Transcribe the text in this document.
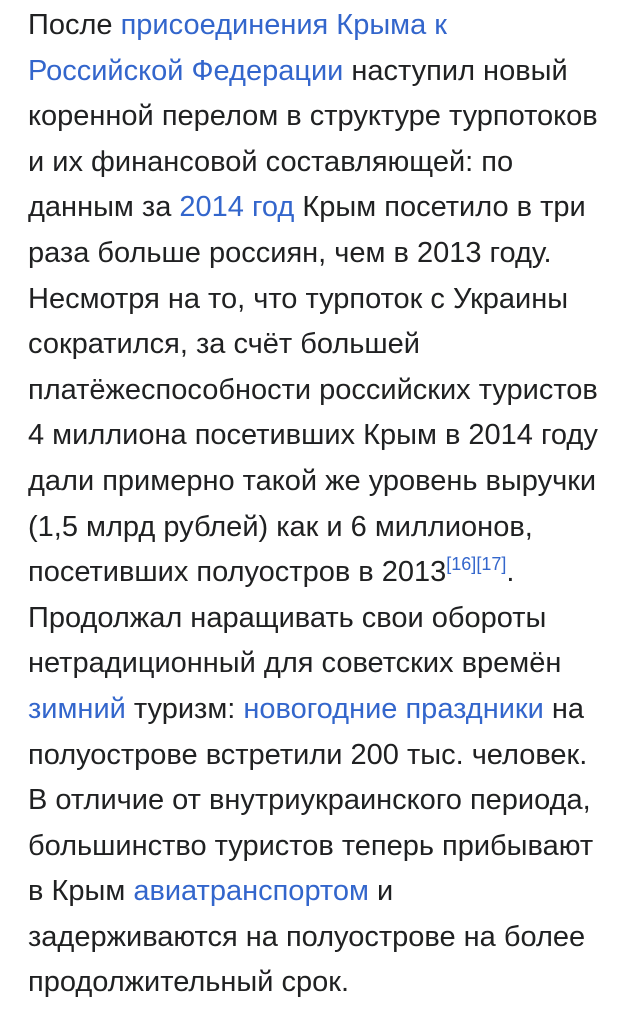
После присоединения Крыма к
Российской Федерации наступил новый
коренной перелом в структуре турпотоков
и их финансовой составляющей: по
данным за 2014 год Крым посетило в три
раза больше россиян, чем в 2013 году.
Несмотря на то, что турпоток с Украины
сократился, за счёт большей
платёжеспособности российских туристов
4 миллиона посетивших Крым в 2014 году
дали примерно такой же уровень выручки
(1,5 млрд рублей) как и 6 миллионов,
посетивших полуостров в 2013[16][17].
Продолжал наращивать свои обороты
нетрадиционный для советских времён
зимний туризм: новогодние праздники на
полуострове встретили 200 тыс. человек.
В отличие от внутриукраинского периода,
большинство туристов теперь прибывают
в Крым авиатранспортом и
задерживаются на полуострове на более
продолжительный срок.
